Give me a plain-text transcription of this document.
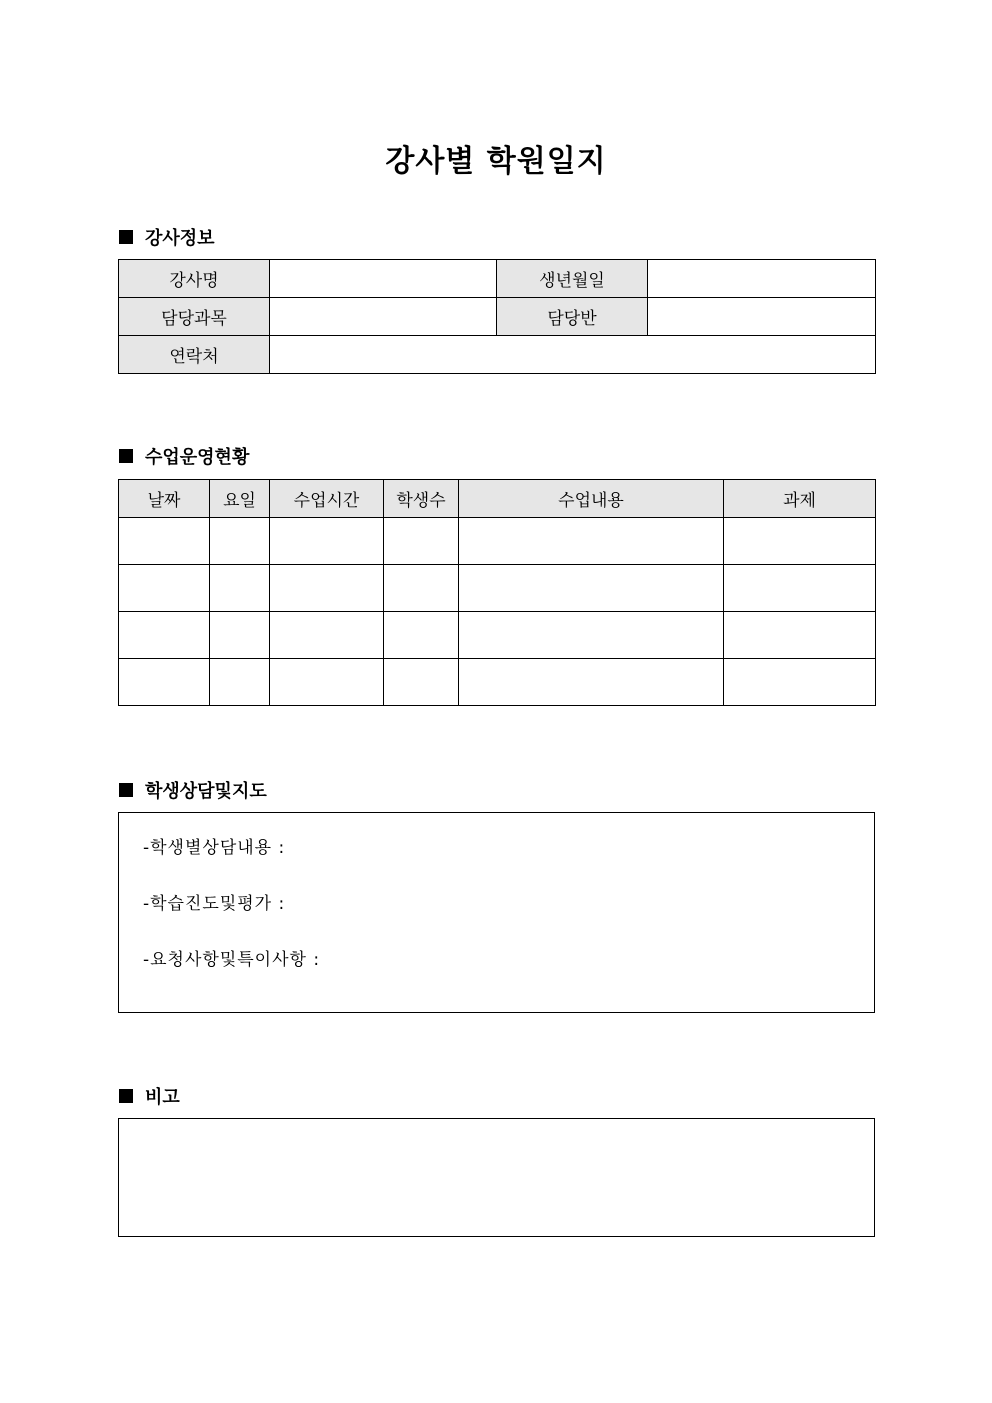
강사별 학원일지
강사정보
강사명		생년월일	
담당과목		담당반	
연락처			
수업운영현황
날짜	요일	수업시간	학생수	수업내용	과제

학생상담및지도
-학생별상담내용 :
-학습진도및평가 :
-요청사항및특이사항 :
비고
